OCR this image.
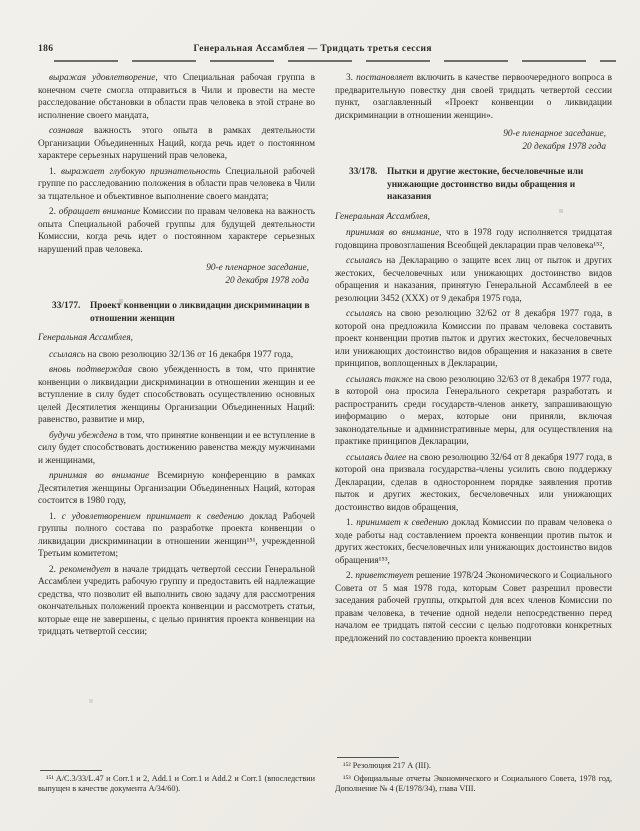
186	Генеральная Ассамблея — Тридцать третья сессия

выражая удовлетворение, что Специальная рабочая группа в конечном счете смогла отправиться в Чили и провести на месте расследование обстановки в области прав человека в этой стране во исполнение своего мандата,

сознавая важность этого опыта в рамках деятельности Организации Объединенных Наций, когда речь идет о постоянном характере серьезных нарушений прав человека,

1. выражает глубокую признательность Специальной рабочей группе по расследованию положения в области прав человека в Чили за тщательное и объективное выполнение своего мандата;

2. обращает внимание Комиссии по правам человека на важность опыта Специальной рабочей группы для будущей деятельности Комиссии, когда речь идет о постоянном характере серьезных нарушений прав человека.

90-е пленарное заседание,
20 декабря 1978 года
33/177. Проект конвенции о ликвидации дискриминации в отношении женщин
Генеральная Ассамблея,

ссылаясь на свою резолюцию 32/136 от 16 декабря 1977 года,

вновь подтверждая свою убежденность в том, что принятие конвенции о ликвидации дискриминации в отношении женщин и ее вступление в силу будет способствовать осуществлению основных целей Десятилетия женщины Организации Объединенных Наций: равенство, развитие и мир,

будучи убеждена в том, что принятие конвенции и ее вступление в силу будет способствовать достижению равенства между мужчинами и женщинами,

принимая во внимание Всемирную конференцию в рамках Десятилетия женщины Организации Объединенных Наций, которая состоится в 1980 году,

1. с удовлетворением принимает к сведению доклад Рабочей группы полного состава по разработке проекта конвенции о ликвидации дискриминации в отношении женщин¹⁵¹, учрежденной Третьим комитетом;

2. рекомендует в начале тридцать четвертой сессии Генеральной Ассамблеи учредить рабочую группу и предоставить ей надлежащие средства, что позволит ей выполнить свою задачу для рассмотрения окончательных положений проекта конвенции и рассмотреть статьи, которые еще не завершены, с целью принятия проекта конвенции на тридцать четвертой сессии;

¹⁵¹ A/C.3/33/L.47 и Corr.1 и 2, Add.1 и Corr.1 и Add.2 и Corr.1 (впоследствии выпущен в качестве документа A/34/60).

3. постановляет включить в качестве первоочередного вопроса в предварительную повестку дня своей тридцать четвертой сессии пункт, озаглавленный «Проект конвенции о ликвидации дискриминации в отношении женщин».

90-е пленарное заседание,
20 декабря 1978 года
33/178. Пытки и другие жестокие, бесчеловечные или унижающие достоинство виды обращения и наказания
Генеральная Ассамблея,

принимая во внимание, что в 1978 году исполняется тридцатая годовщина провозглашения Всеобщей декларации прав человека¹⁵²,

ссылаясь на Декларацию о защите всех лиц от пыток и других жестоких, бесчеловечных или унижающих достоинство видов обращения и наказания, принятую Генеральной Ассамблеей в ее резолюции 3452 (XXX) от 9 декабря 1975 года,

ссылаясь на свою резолюцию 32/62 от 8 декабря 1977 года, в которой она предложила Комиссии по правам человека составить проект конвенции против пыток и других жестоких, бесчеловечных или унижающих достоинство видов обращения и наказания в свете принципов, воплощенных в Декларации,

ссылаясь также на свою резолюцию 32/63 от 8 декабря 1977 года, в которой она просила Генерального секретаря разработать и распространить среди государств-членов анкету, запрашивающую информацию о мерах, которые они приняли, включая законодательные и административные меры, для осуществления на практике принципов Декларации,

ссылаясь далее на свою резолюцию 32/64 от 8 декабря 1977 года, в которой она призвала государства-члены усилить свою поддержку Декларации, сделав в одностороннем порядке заявления против пыток и других жестоких, бесчеловечных или унижающих достоинство видов обращения,

1. принимает к сведению доклад Комиссии по правам человека о ходе работы над составлением проекта конвенции против пыток и других жестоких, бесчеловечных или унижающих достоинство видов обращения¹⁵³,

2. приветствует решение 1978/24 Экономического и Социального Совета от 5 мая 1978 года, которым Совет разрешил провести заседания рабочей группы, открытой для всех членов Комиссии по правам человека, в течение одной недели непосредственно перед началом ее тридцать пятой сессии с целью подготовки конкретных предложений по составлению проекта конвенции

¹⁵² Резолюция 217 А (III).
¹⁵³ Официальные отчеты Экономического и Социального Совета, 1978 год, Дополнение № 4 (Е/1978/34), глава VIII.
